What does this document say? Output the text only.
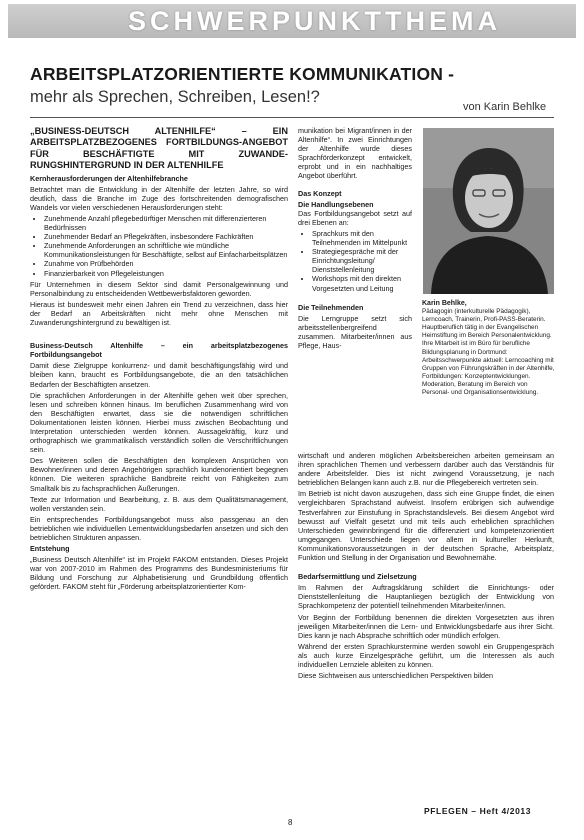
SCHWERPUNKTTHEMA
ARBEITSPLATZORIENTIERTE KOMMUNIKATION -
mehr als Sprechen, Schreiben, Lesen!?
von Karin Behlke

„BUSINESS-DEUTSCH ALTENHILFE“ – EIN ARBEITSPLATZBEZOGENES FORTBILDUNGS-ANGEBOT FÜR BESCHÄFTIGTE MIT ZUWANDE-RUNGSHINTERGRUND IN DER ALTENHILFE

Kernherausforderungen der Altenhilfebranche

Betrachtet man die Entwicklung in der Altenhilfe der letzten Jahre, so wird deutlich, dass die Branche im Zuge des fortschreitenden demografischen Wandels vor vielen verschiedenen Herausforderungen steht:

• Zunehmende Anzahl pflegebedürftiger Menschen mit differenzierteren Bedürfnissen
• Zunehmender Bedarf an Pflegekräften, insbesondere Fachkräften
• Zunehmende Anforderungen an schriftliche wie mündliche Kommunikationsleistungen für Beschäftigte, selbst auf Einfacharbeitsplätzen
• Zunahme von Prüfbehörden
• Finanzierbarkeit von Pflegeleistungen

Für Unternehmen in diesem Sektor sind damit Personalgewinnung und Personalbindung zu entscheidenden Wettbewerbsfaktoren geworden.

Hieraus ist bundesweit mehr einen Jahren ein Trend zu verzeichnen, dass hier der Bedarf an Arbeitskräften nicht mehr ohne Menschen mit Zuwanderungshintergrund zu bewältigen ist.

Business-Deutsch Altenhilfe – ein arbeitsplatzbezogenes Fortbildungsangebot

Damit diese Zielgruppe konkurrenz- und damit beschäftigungsfähig wird und bleiben kann, braucht es Fortbildungsangebote, die an den tatsächlichen Bedarfen der Beschäftigten ansetzen.

Die sprachlichen Anforderungen in der Altenhilfe gehen weit über sprechen, lesen und schreiben können hinaus. Im beruflichen Zusammenhang wird von den Beschäftigten erwartet, dass sie die notwendigen schriftlichen Dokumentationen leisten können. Hierbei muss zwischen Beobachtung und Interpretation unterschieden werden können. Aussagekräftig, kurz und orthographisch wie grammatikalisch verständlich sollen die Verschriftlichungen sein.

Des Weiteren sollen die Beschäftigten den komplexen Ansprüchen von Bewohner/innen und deren Angehörigen sprachlich kundenorientiert begegnen können. Die weiteren sprachliche Bandbreite reicht von Fähigkeiten zum Smalltalk bis zu fachsprachlichen Äußerungen.

Texte zur Information und Bearbeitung, z. B. aus dem Qualitätsmanagement, wollen verstanden sein.

Ein entsprechendes Fortbildungsangebot muss also passgenau an den betrieblichen wie individuellen Lernentwicklungsbedarfen ansetzen und sich den betrieblichen Strukturen anpassen.

Entstehung

„Business Deutsch Altenhilfe“ ist im Projekt FAKOM entstanden. Dieses Projekt war von 2007-2010 im Rahmen des Programms des Bundesministeriums für Bildung und Forschung zur Alphabetisierung und Grundbildung öffentlich gefördert. FAKOM steht für „Förderung arbeitsplatzorientierter Kom-

munikation bei Migrant/innen in der Altenhilfe“. In zwei Einrichtungen der Altenhilfe wurde dieses Sprachförderkonzept entwickelt, erprobt und in ein nachhaltiges Angebot überführt.

Das Konzept

Die Handlungsebenen

Das Fortbildungsangebot setzt auf drei Ebenen an:

• Sprachkurs mit den Teilnehmenden im Mittelpunkt
• Strategiegespräche mit der Einrichtungsleitung/ Dienststellenleitung
• Workshops mit den direkten Vorgesetzten und Leitung

Die Teilnehmenden

Die Lerngruppe setzt sich arbeitsstellenbergreifend zusammen. Mitarbeiter/innen aus Pflege, Haus-

Karin Behlke,
Pädagogin (interkulturelle Pädagogik), Lerncoach, Trainerin, Profi-PASS-Beraterin. Hauptberuflich tätig in der Evangelischen Heimstiftung im Bereich Personalentwicklung. Ihre Mitarbeit ist im Büro für berufliche Bildungsplanung in Dortmund: Arbeitsschwerpunkte aktuell: Lerncoaching mit Gruppen von Führungskräften in der Altenhilfe, Fortbildungen: Konzeptentwicklungen. Moderation, Beratung im Bereich von Personal- und Organisationsentwicklung.

wirtschaft und anderen möglichen Arbeitsbereichen arbeiten gemeinsam an ihren sprachlichen Themen und verbessern darüber auch das Verständnis für andere Arbeitsfelder. Dies ist nicht zwingend Voraussetzung, je nach betrieblichen Belangen kann auch z.B. nur die Pflegebereich vertreten sein.

Im Betrieb ist nicht davon auszugehen, dass sich eine Gruppe findet, die einen vergleichbaren Sprachstand aufweist. Insofern erübrigen sich aufwendige Testverfahren zur Einstufung in Sprachstandslevels. Bei diesem Angebot wird bewusst auf Vielfalt gesetzt und mit teils auch erheblichen sprachlichen Unterschieden gewinnbringend für die differenziert und kompetenzorientiert umgegangen. Unterschiede liegen vor allem in kultureller Herkunft, Kommunikationsvoraussetzungen in der deutschen Sprache, Arbeitsplatz, Funktion und Stellung in der Organisation und Bewohnernähe.

Bedarfsermittlung und Zielsetzung

Im Rahmen der Auftragsklärung schildert die Einrichtungs- oder Dienststellenleitung die Hauptanliegen bezüglich der Entwicklung von Sprachkompetenz der potentiell teilnehmenden Mitarbeiter/innen.

Vor Beginn der Fortbildung benennen die direkten Vorgesetzten aus ihren jeweiligen Mitarbeiter/innen die Lern- und Entwicklungsbedarfe aus ihrer Sicht. Dies kann je nach Absprache schriftlich oder mündlich erfolgen.

Während der ersten Sprachkurstermine werden sowohl ein Gruppengespräch als auch kurze Einzelgespräche geführt, um die Interessen als auch individuellen Lernziele ableiten zu können.

Diese Sichtweisen aus unterschiedlichen Perspektiven bilden

PFLEGEN – Heft 4/2013
8
